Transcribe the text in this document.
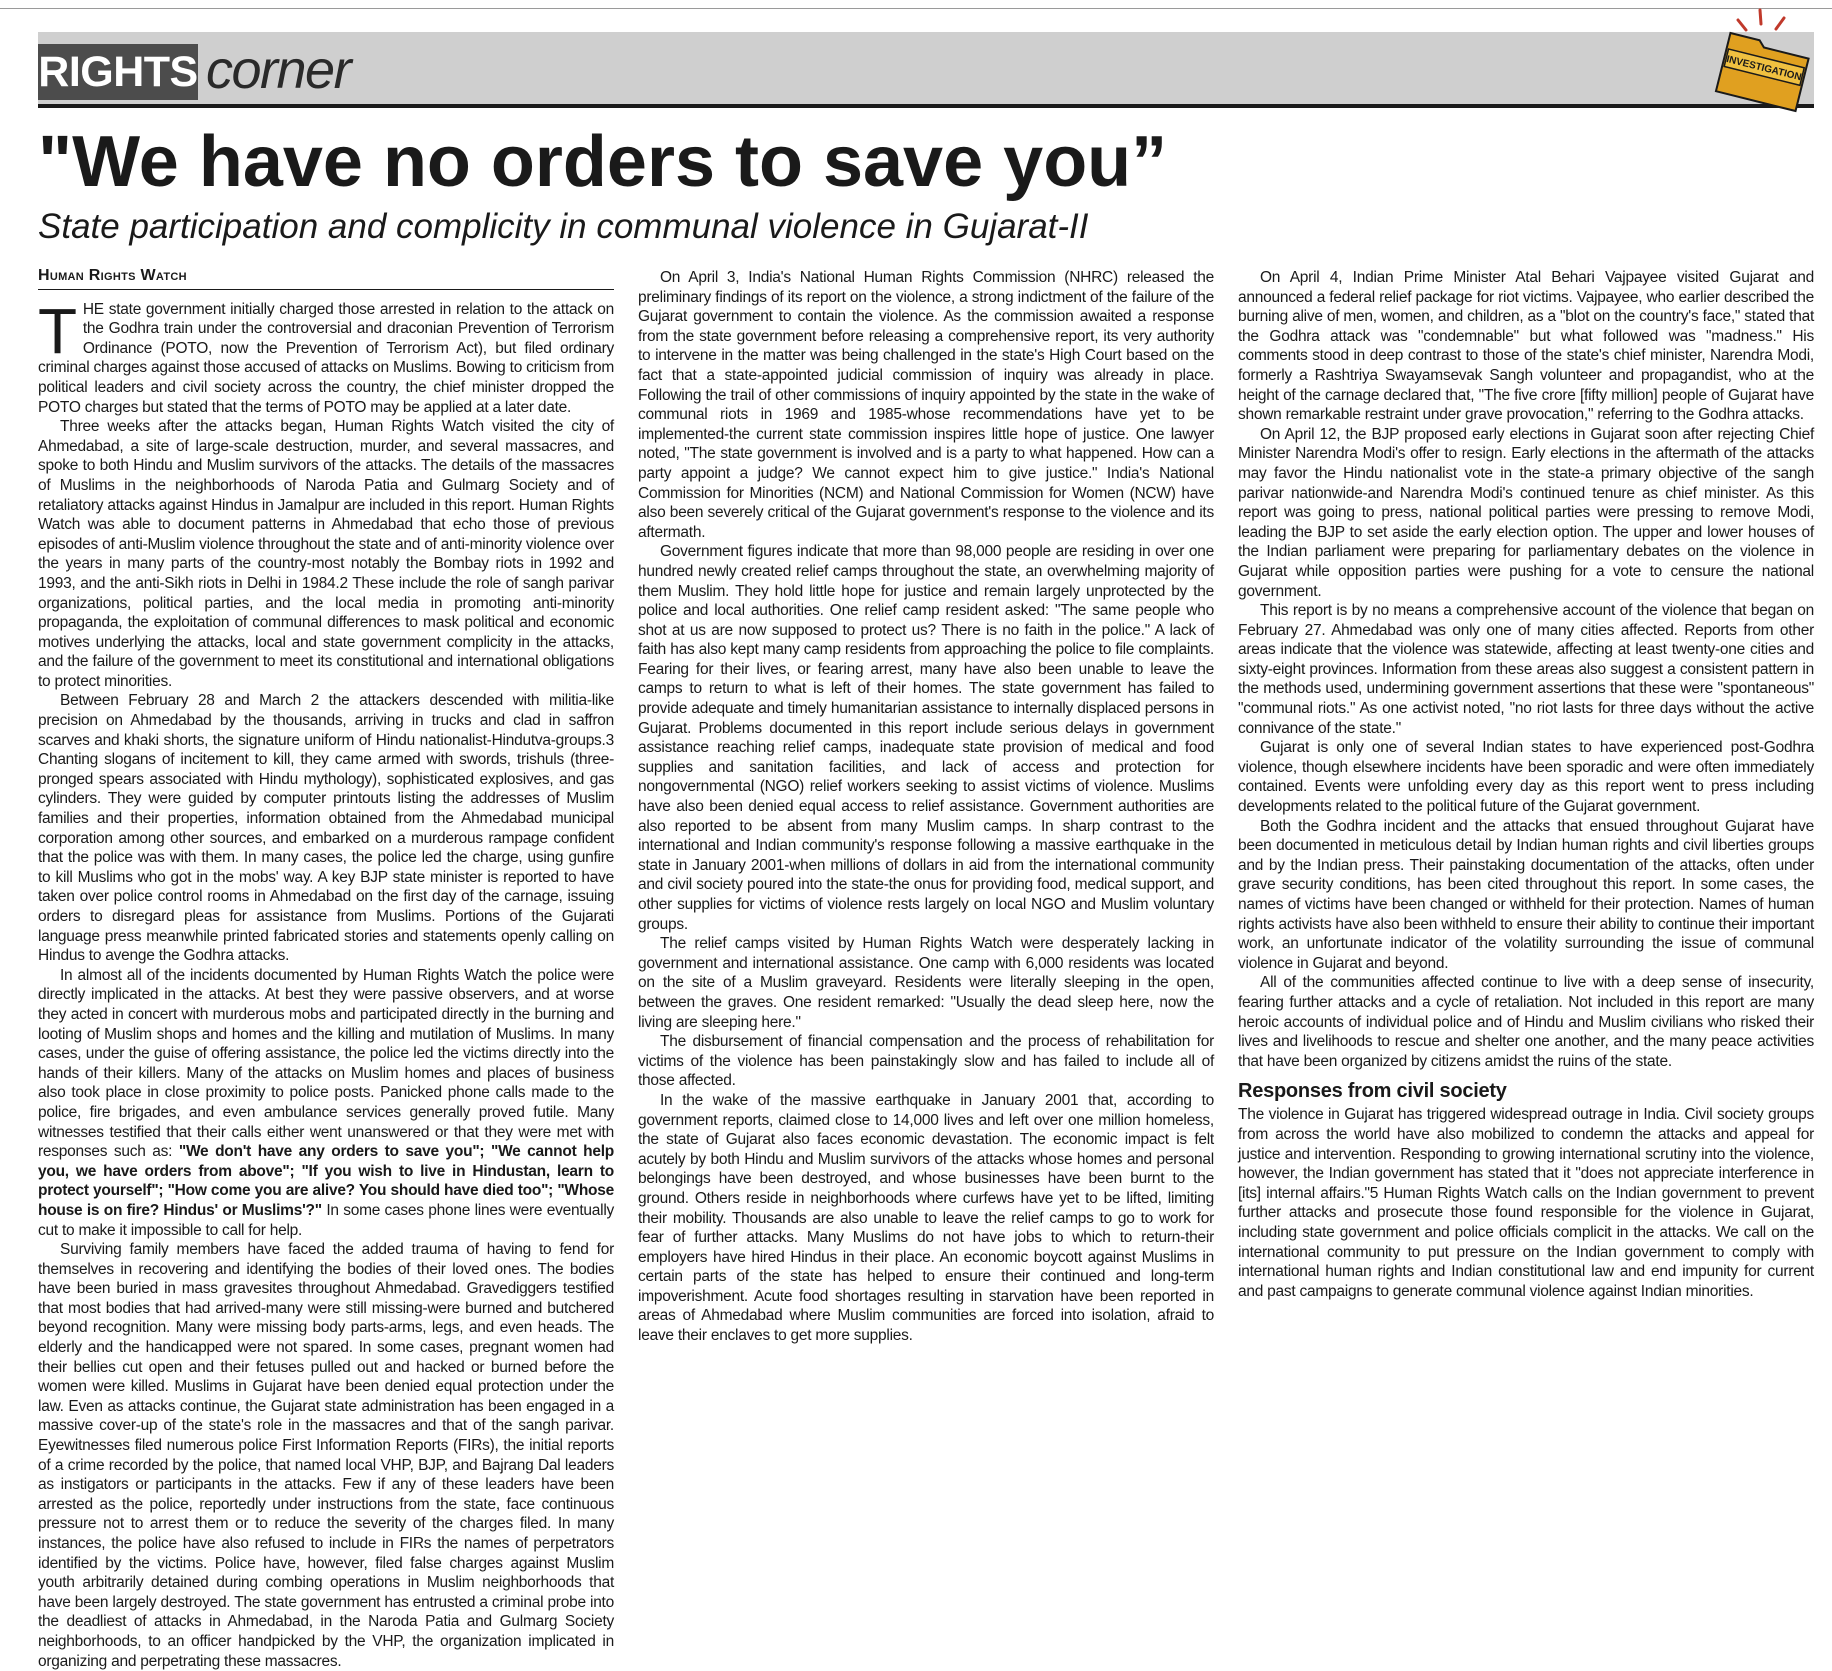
RIGHTS corner	INVESTIGATION
"We have no orders to save you”
State participation and complicity in communal violence in Gujarat-II
Human Rights Watch

THE state government initially charged those arrested in relation to the attack on the Godhra train under the controversial and draconian Prevention of Terrorism Ordinance (POTO, now the Prevention of Terrorism Act), but filed ordinary criminal charges against those accused of attacks on Muslims. Bowing to criticism from political leaders and civil society across the country, the chief minister dropped the POTO charges but stated that the terms of POTO may be applied at a later date.

Three weeks after the attacks began, Human Rights Watch visited the city of Ahmedabad, a site of large-scale destruction, murder, and several massacres, and spoke to both Hindu and Muslim survivors of the attacks. The details of the massacres of Muslims in the neighborhoods of Naroda Patia and Gulmarg Society and of retaliatory attacks against Hindus in Jamalpur are included in this report. Human Rights Watch was able to document patterns in Ahmedabad that echo those of previous episodes of anti-Muslim violence throughout the state and of anti-minority violence over the years in many parts of the country-most notably the Bombay riots in 1992 and 1993, and the anti-Sikh riots in Delhi in 1984.2 These include the role of sangh parivar organizations, political parties, and the local media in promoting anti-minority propaganda, the exploitation of communal differences to mask political and economic motives underlying the attacks, local and state government complicity in the attacks, and the failure of the government to meet its constitutional and international obligations to protect minorities.

Between February 28 and March 2 the attackers descended with militia-like precision on Ahmedabad by the thousands, arriving in trucks and clad in saffron scarves and khaki shorts, the signature uniform of Hindu nationalist-Hindutva-groups.3 Chanting slogans of incitement to kill, they came armed with swords, trishuls (three-pronged spears associated with Hindu mythology), sophisticated explosives, and gas cylinders. They were guided by computer printouts listing the addresses of Muslim families and their properties, information obtained from the Ahmedabad municipal corporation among other sources, and embarked on a murderous rampage confident that the police was with them. In many cases, the police led the charge, using gunfire to kill Muslims who got in the mobs' way. A key BJP state minister is reported to have taken over police control rooms in Ahmedabad on the first day of the carnage, issuing orders to disregard pleas for assistance from Muslims. Portions of the Gujarati language press meanwhile printed fabricated stories and statements openly calling on Hindus to avenge the Godhra attacks.

In almost all of the incidents documented by Human Rights Watch the police were directly implicated in the attacks. At best they were passive observers, and at worse they acted in concert with murderous mobs and participated directly in the burning and looting of Muslim shops and homes and the killing and mutilation of Muslims. In many cases, under the guise of offering assistance, the police led the victims directly into the hands of their killers. Many of the attacks on Muslim homes and places of business also took place in close proximity to police posts. Panicked phone calls made to the police, fire brigades, and even ambulance services generally proved futile. Many witnesses testified that their calls either went unanswered or that they were met with responses such as: "We don't have any orders to save you"; "We cannot help you, we have orders from above"; "If you wish to live in Hindustan, learn to protect yourself"; "How come you are alive? You should have died too"; "Whose house is on fire? Hindus' or Muslims'?" In some cases phone lines were eventually cut to make it impossible to call for help.

Surviving family members have faced the added trauma of having to fend for themselves in recovering and identifying the bodies of their loved ones. The bodies have been buried in mass gravesites throughout Ahmedabad. Gravediggers testified that most bodies that had arrived-many were still missing-were burned and butchered beyond recognition. Many were missing body parts-arms, legs, and even heads. The elderly and the handicapped were not spared. In some cases, pregnant women had their bellies cut open and their fetuses pulled out and hacked or burned before the women were killed. Muslims in Gujarat have been denied equal protection under the law. Even as attacks continue, the Gujarat state administration has been engaged in a massive cover-up of the state's role in the massacres and that of the sangh parivar. Eyewitnesses filed numerous police First Information Reports (FIRs), the initial reports of a crime recorded by the police, that named local VHP, BJP, and Bajrang Dal leaders as instigators or participants in the attacks. Few if any of these leaders have been arrested as the police, reportedly under instructions from the state, face continuous pressure not to arrest them or to reduce the severity of the charges filed. In many instances, the police have also refused to include in FIRs the names of perpetrators identified by the victims. Police have, however, filed false charges against Muslim youth arbitrarily detained during combing operations in Muslim neighborhoods that have been largely destroyed. The state government has entrusted a criminal probe into the deadliest of attacks in Ahmedabad, in the Naroda Patia and Gulmarg Society neighborhoods, to an officer handpicked by the VHP, the organization implicated in organizing and perpetrating these massacres.

On April 3, India's National Human Rights Commission (NHRC) released the preliminary findings of its report on the violence, a strong indictment of the failure of the Gujarat government to contain the violence. As the commission awaited a response from the state government before releasing a comprehensive report, its very authority to intervene in the matter was being challenged in the state's High Court based on the fact that a state-appointed judicial commission of inquiry was already in place. Following the trail of other commissions of inquiry appointed by the state in the wake of communal riots in 1969 and 1985-whose recommendations have yet to be implemented-the current state commission inspires little hope of justice. One lawyer noted, "The state government is involved and is a party to what happened. How can a party appoint a judge? We cannot expect him to give justice." India's National Commission for Minorities (NCM) and National Commission for Women (NCW) have also been severely critical of the Gujarat government's response to the violence and its aftermath.

Government figures indicate that more than 98,000 people are residing in over one hundred newly created relief camps throughout the state, an overwhelming majority of them Muslim. They hold little hope for justice and remain largely unprotected by the police and local authorities. One relief camp resident asked: "The same people who shot at us are now supposed to protect us? There is no faith in the police." A lack of faith has also kept many camp residents from approaching the police to file complaints. Fearing for their lives, or fearing arrest, many have also been unable to leave the camps to return to what is left of their homes. The state government has failed to provide adequate and timely humanitarian assistance to internally displaced persons in Gujarat. Problems documented in this report include serious delays in government assistance reaching relief camps, inadequate state provision of medical and food supplies and sanitation facilities, and lack of access and protection for nongovernmental (NGO) relief workers seeking to assist victims of violence. Muslims have also been denied equal access to relief assistance. Government authorities are also reported to be absent from many Muslim camps. In sharp contrast to the international and Indian community's response following a massive earthquake in the state in January 2001-when millions of dollars in aid from the international community and civil society poured into the state-the onus for providing food, medical support, and other supplies for victims of violence rests largely on local NGO and Muslim voluntary groups.

The relief camps visited by Human Rights Watch were desperately lacking in government and international assistance. One camp with 6,000 residents was located on the site of a Muslim graveyard. Residents were literally sleeping in the open, between the graves. One resident remarked: "Usually the dead sleep here, now the living are sleeping here."

The disbursement of financial compensation and the process of rehabilitation for victims of the violence has been painstakingly slow and has failed to include all of those affected.

In the wake of the massive earthquake in January 2001 that, according to government reports, claimed close to 14,000 lives and left over one million homeless, the state of Gujarat also faces economic devastation. The economic impact is felt acutely by both Hindu and Muslim survivors of the attacks whose homes and personal belongings have been destroyed, and whose businesses have been burnt to the ground. Others reside in neighborhoods where curfews have yet to be lifted, limiting their mobility. Thousands are also unable to leave the relief camps to go to work for fear of further attacks. Many Muslims do not have jobs to which to return-their employers have hired Hindus in their place. An economic boycott against Muslims in certain parts of the state has helped to ensure their continued and long-term impoverishment. Acute food shortages resulting in starvation have been reported in areas of Ahmedabad where Muslim communities are forced into isolation, afraid to leave their enclaves to get more supplies.

On April 4, Indian Prime Minister Atal Behari Vajpayee visited Gujarat and announced a federal relief package for riot victims. Vajpayee, who earlier described the burning alive of men, women, and children, as a "blot on the country's face," stated that the Godhra attack was "condemnable" but what followed was "madness." His comments stood in deep contrast to those of the state's chief minister, Narendra Modi, formerly a Rashtriya Swayamsevak Sangh volunteer and propagandist, who at the height of the carnage declared that, "The five crore [fifty million] people of Gujarat have shown remarkable restraint under grave provocation," referring to the Godhra attacks.

On April 12, the BJP proposed early elections in Gujarat soon after rejecting Chief Minister Narendra Modi's offer to resign. Early elections in the aftermath of the attacks may favor the Hindu nationalist vote in the state-a primary objective of the sangh parivar nationwide-and Narendra Modi's continued tenure as chief minister. As this report was going to press, national political parties were pressing to remove Modi, leading the BJP to set aside the early election option. The upper and lower houses of the Indian parliament were preparing for parliamentary debates on the violence in Gujarat while opposition parties were pushing for a vote to censure the national government.

This report is by no means a comprehensive account of the violence that began on February 27. Ahmedabad was only one of many cities affected. Reports from other areas indicate that the violence was statewide, affecting at least twenty-one cities and sixty-eight provinces. Information from these areas also suggest a consistent pattern in the methods used, undermining government assertions that these were "spontaneous" "communal riots." As one activist noted, "no riot lasts for three days without the active connivance of the state."

Gujarat is only one of several Indian states to have experienced post-Godhra violence, though elsewhere incidents have been sporadic and were often immediately contained. Events were unfolding every day as this report went to press including developments related to the political future of the Gujarat government.

Both the Godhra incident and the attacks that ensued throughout Gujarat have been documented in meticulous detail by Indian human rights and civil liberties groups and by the Indian press. Their painstaking documentation of the attacks, often under grave security conditions, has been cited throughout this report. In some cases, the names of victims have been changed or withheld for their protection. Names of human rights activists have also been withheld to ensure their ability to continue their important work, an unfortunate indicator of the volatility surrounding the issue of communal violence in Gujarat and beyond.

All of the communities affected continue to live with a deep sense of insecurity, fearing further attacks and a cycle of retaliation. Not included in this report are many heroic accounts of individual police and of Hindu and Muslim civilians who risked their lives and livelihoods to rescue and shelter one another, and the many peace activities that have been organized by citizens amidst the ruins of the state.

Responses from civil society

The violence in Gujarat has triggered widespread outrage in India. Civil society groups from across the world have also mobilized to condemn the attacks and appeal for justice and intervention. Responding to growing international scrutiny into the violence, however, the Indian government has stated that it "does not appreciate interference in [its] internal affairs."5 Human Rights Watch calls on the Indian government to prevent further attacks and prosecute those found responsible for the violence in Gujarat, including state government and police officials complicit in the attacks. We call on the international community to put pressure on the Indian government to comply with international human rights and Indian constitutional law and end impunity for current and past campaigns to generate communal violence against Indian minorities.
